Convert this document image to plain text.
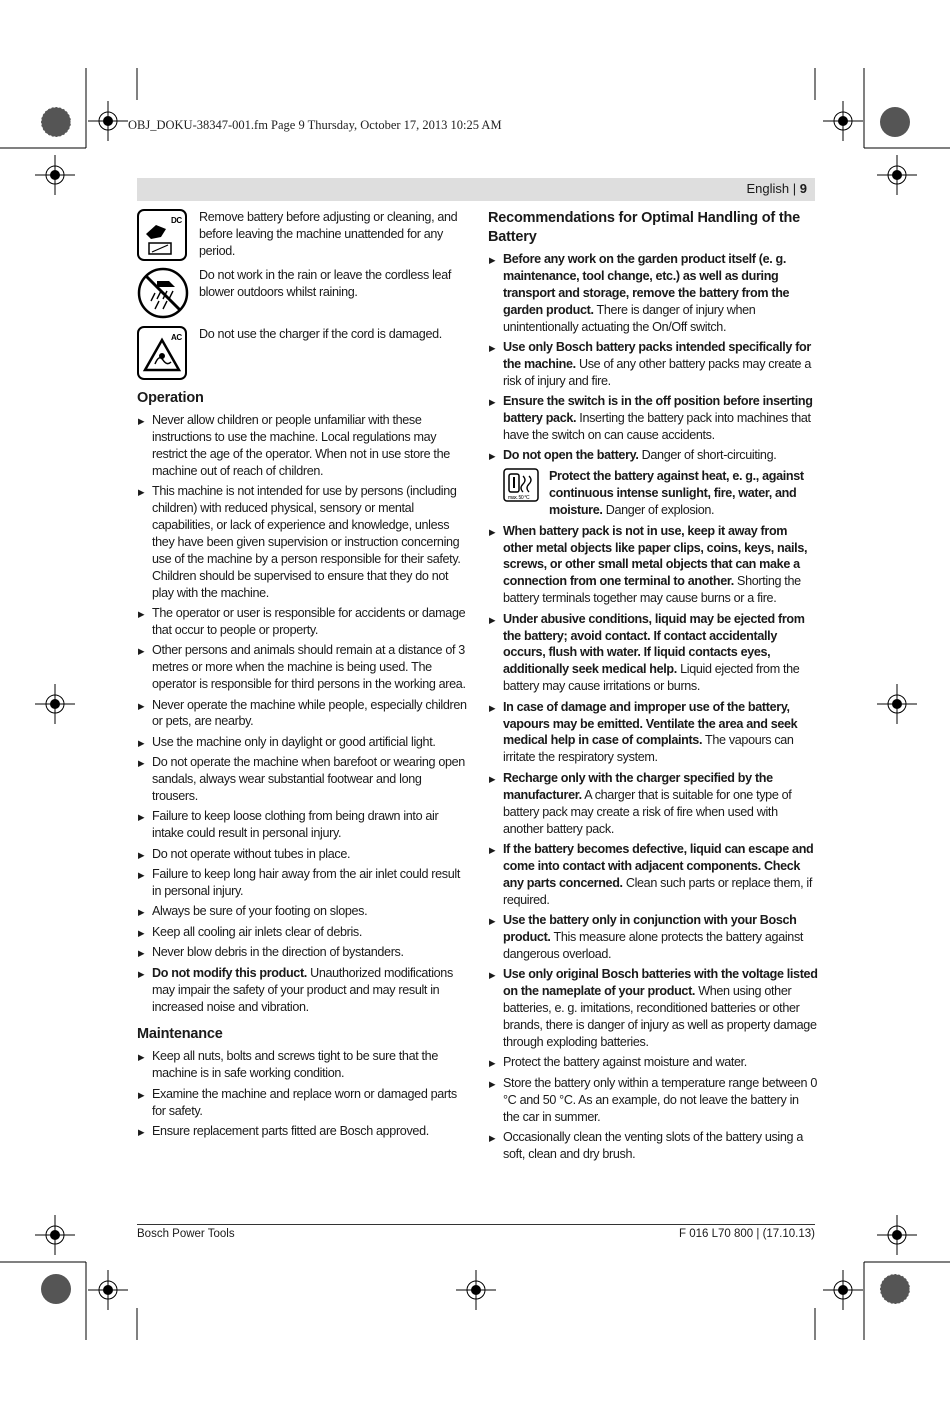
OBJ_DOKU-38347-001.fm Page 9 Thursday, October 17, 2013 10:25 AM
English | 9
DC Remove battery before adjusting or cleaning, and before leaving the machine unattended for any period.
Do not work in the rain or leave the cordless leaf blower outdoors whilst raining.
AC Do not use the charger if the cord is damaged.
Operation
▶ Never allow children or people unfamiliar with these instructions to use the machine. Local regulations may restrict the age of the operator. When not in use store the machine out of reach of children.
▶ This machine is not intended for use by persons (including children) with reduced physical, sensory or mental capabilities, or lack of experience and knowledge, unless they have been given supervision or instruction concerning use of the machine by a person responsible for their safety. Children should be supervised to ensure that they do not play with the machine.
▶ The operator or user is responsible for accidents or damage that occur to people or property.
▶ Other persons and animals should remain at a distance of 3 metres or more when the machine is being used. The operator is responsible for third persons in the working area.
▶ Never operate the machine while people, especially children or pets, are nearby.
▶ Use the machine only in daylight or good artificial light.
▶ Do not operate the machine when barefoot or wearing open sandals, always wear substantial footwear and long trousers.
▶ Failure to keep loose clothing from being drawn into air intake could result in personal injury.
▶ Do not operate without tubes in place.
▶ Failure to keep long hair away from the air inlet could result in personal injury.
▶ Always be sure of your footing on slopes.
▶ Keep all cooling air inlets clear of debris.
▶ Never blow debris in the direction of bystanders.
▶ Do not modify this product. Unauthorized modifications may impair the safety of your product and may result in increased noise and vibration.
Maintenance
▶ Keep all nuts, bolts and screws tight to be sure that the machine is in safe working condition.
▶ Examine the machine and replace worn or damaged parts for safety.
▶ Ensure replacement parts fitted are Bosch approved.
Recommendations for Optimal Handling of the Battery
▶ Before any work on the garden product itself (e. g. maintenance, tool change, etc.) as well as during transport and storage, remove the battery from the garden product. There is danger of injury when unintentionally actuating the On/Off switch.
▶ Use only Bosch battery packs intended specifically for the machine. Use of any other battery packs may create a risk of injury and fire.
▶ Ensure the switch is in the off position before inserting battery pack. Inserting the battery pack into machines that have the switch on can cause accidents.
▶ Do not open the battery. Danger of short-circuiting.
max. 50 °C
Protect the battery against heat, e. g., against continuous intense sunlight, fire, water, and moisture. Danger of explosion.
▶ When battery pack is not in use, keep it away from other metal objects like paper clips, coins, keys, nails, screws, or other small metal objects that can make a connection from one terminal to another. Shorting the battery terminals together may cause burns or a fire.
▶ Under abusive conditions, liquid may be ejected from the battery; avoid contact. If contact accidentally occurs, flush with water. If liquid contacts eyes, additionally seek medical help. Liquid ejected from the battery may cause irritations or burns.
▶ In case of damage and improper use of the battery, vapours may be emitted. Ventilate the area and seek medical help in case of complaints. The vapours can irritate the respiratory system.
▶ Recharge only with the charger specified by the manufacturer. A charger that is suitable for one type of battery pack may create a risk of fire when used with another battery pack.
▶ If the battery becomes defective, liquid can escape and come into contact with adjacent components. Check any parts concerned. Clean such parts or replace them, if required.
▶ Use the battery only in conjunction with your Bosch product. This measure alone protects the battery against dangerous overload.
▶ Use only original Bosch batteries with the voltage listed on the nameplate of your product. When using other batteries, e. g. imitations, reconditioned batteries or other brands, there is danger of injury as well as property damage through exploding batteries.
▶ Protect the battery against moisture and water.
▶ Store the battery only within a temperature range between 0 °C and 50 °C. As an example, do not leave the battery in the car in summer.
▶ Occasionally clean the venting slots of the battery using a soft, clean and dry brush.
Bosch Power Tools	F 016 L70 800 | (17.10.13)
